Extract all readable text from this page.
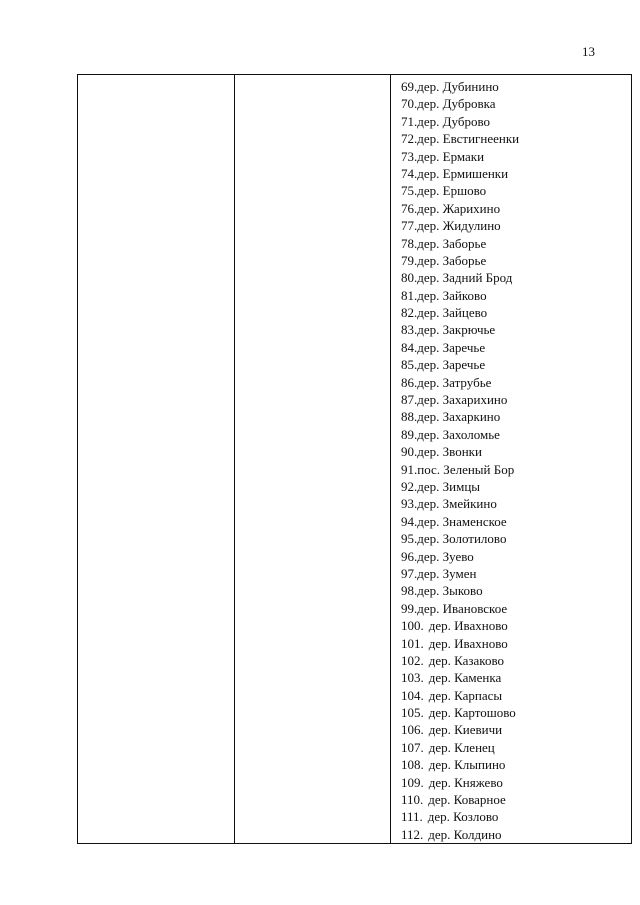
13

69.дер. Дубинино
70.дер. Дубровка
71.дер. Дуброво
72.дер. Евстигнеенки
73.дер. Ермаки
74.дер. Ермишенки
75.дер. Ершово
76.дер. Жарихино
77.дер. Жидулино
78.дер. Заборье
79.дер. Заборье
80.дер. Задний Брод
81.дер. Зайково
82.дер. Зайцево
83.дер. Закрючье
84.дер. Заречье
85.дер. Заречье
86.дер. Затрубье
87.дер. Захарихино
88.дер. Захаркино
89.дер. Захоломье
90.дер. Звонки
91.пос. Зеленый Бор
92.дер. Зимцы
93.дер. Змейкино
94.дер. Знаменское
95.дер. Золотилово
96.дер. Зуево
97.дер. Зумен
98.дер. Зыково
99.дер. Ивановское
100. дер. Ивахново
101. дер. Ивахново
102. дер. Казаково
103. дер. Каменка
104. дер. Карпасы
105. дер. Картошово
106. дер. Киевичи
107. дер. Кленец
108. дер. Клыпино
109. дер. Княжево
110. дер. Коварное
111. дер. Козлово
112. дер. Колдино
